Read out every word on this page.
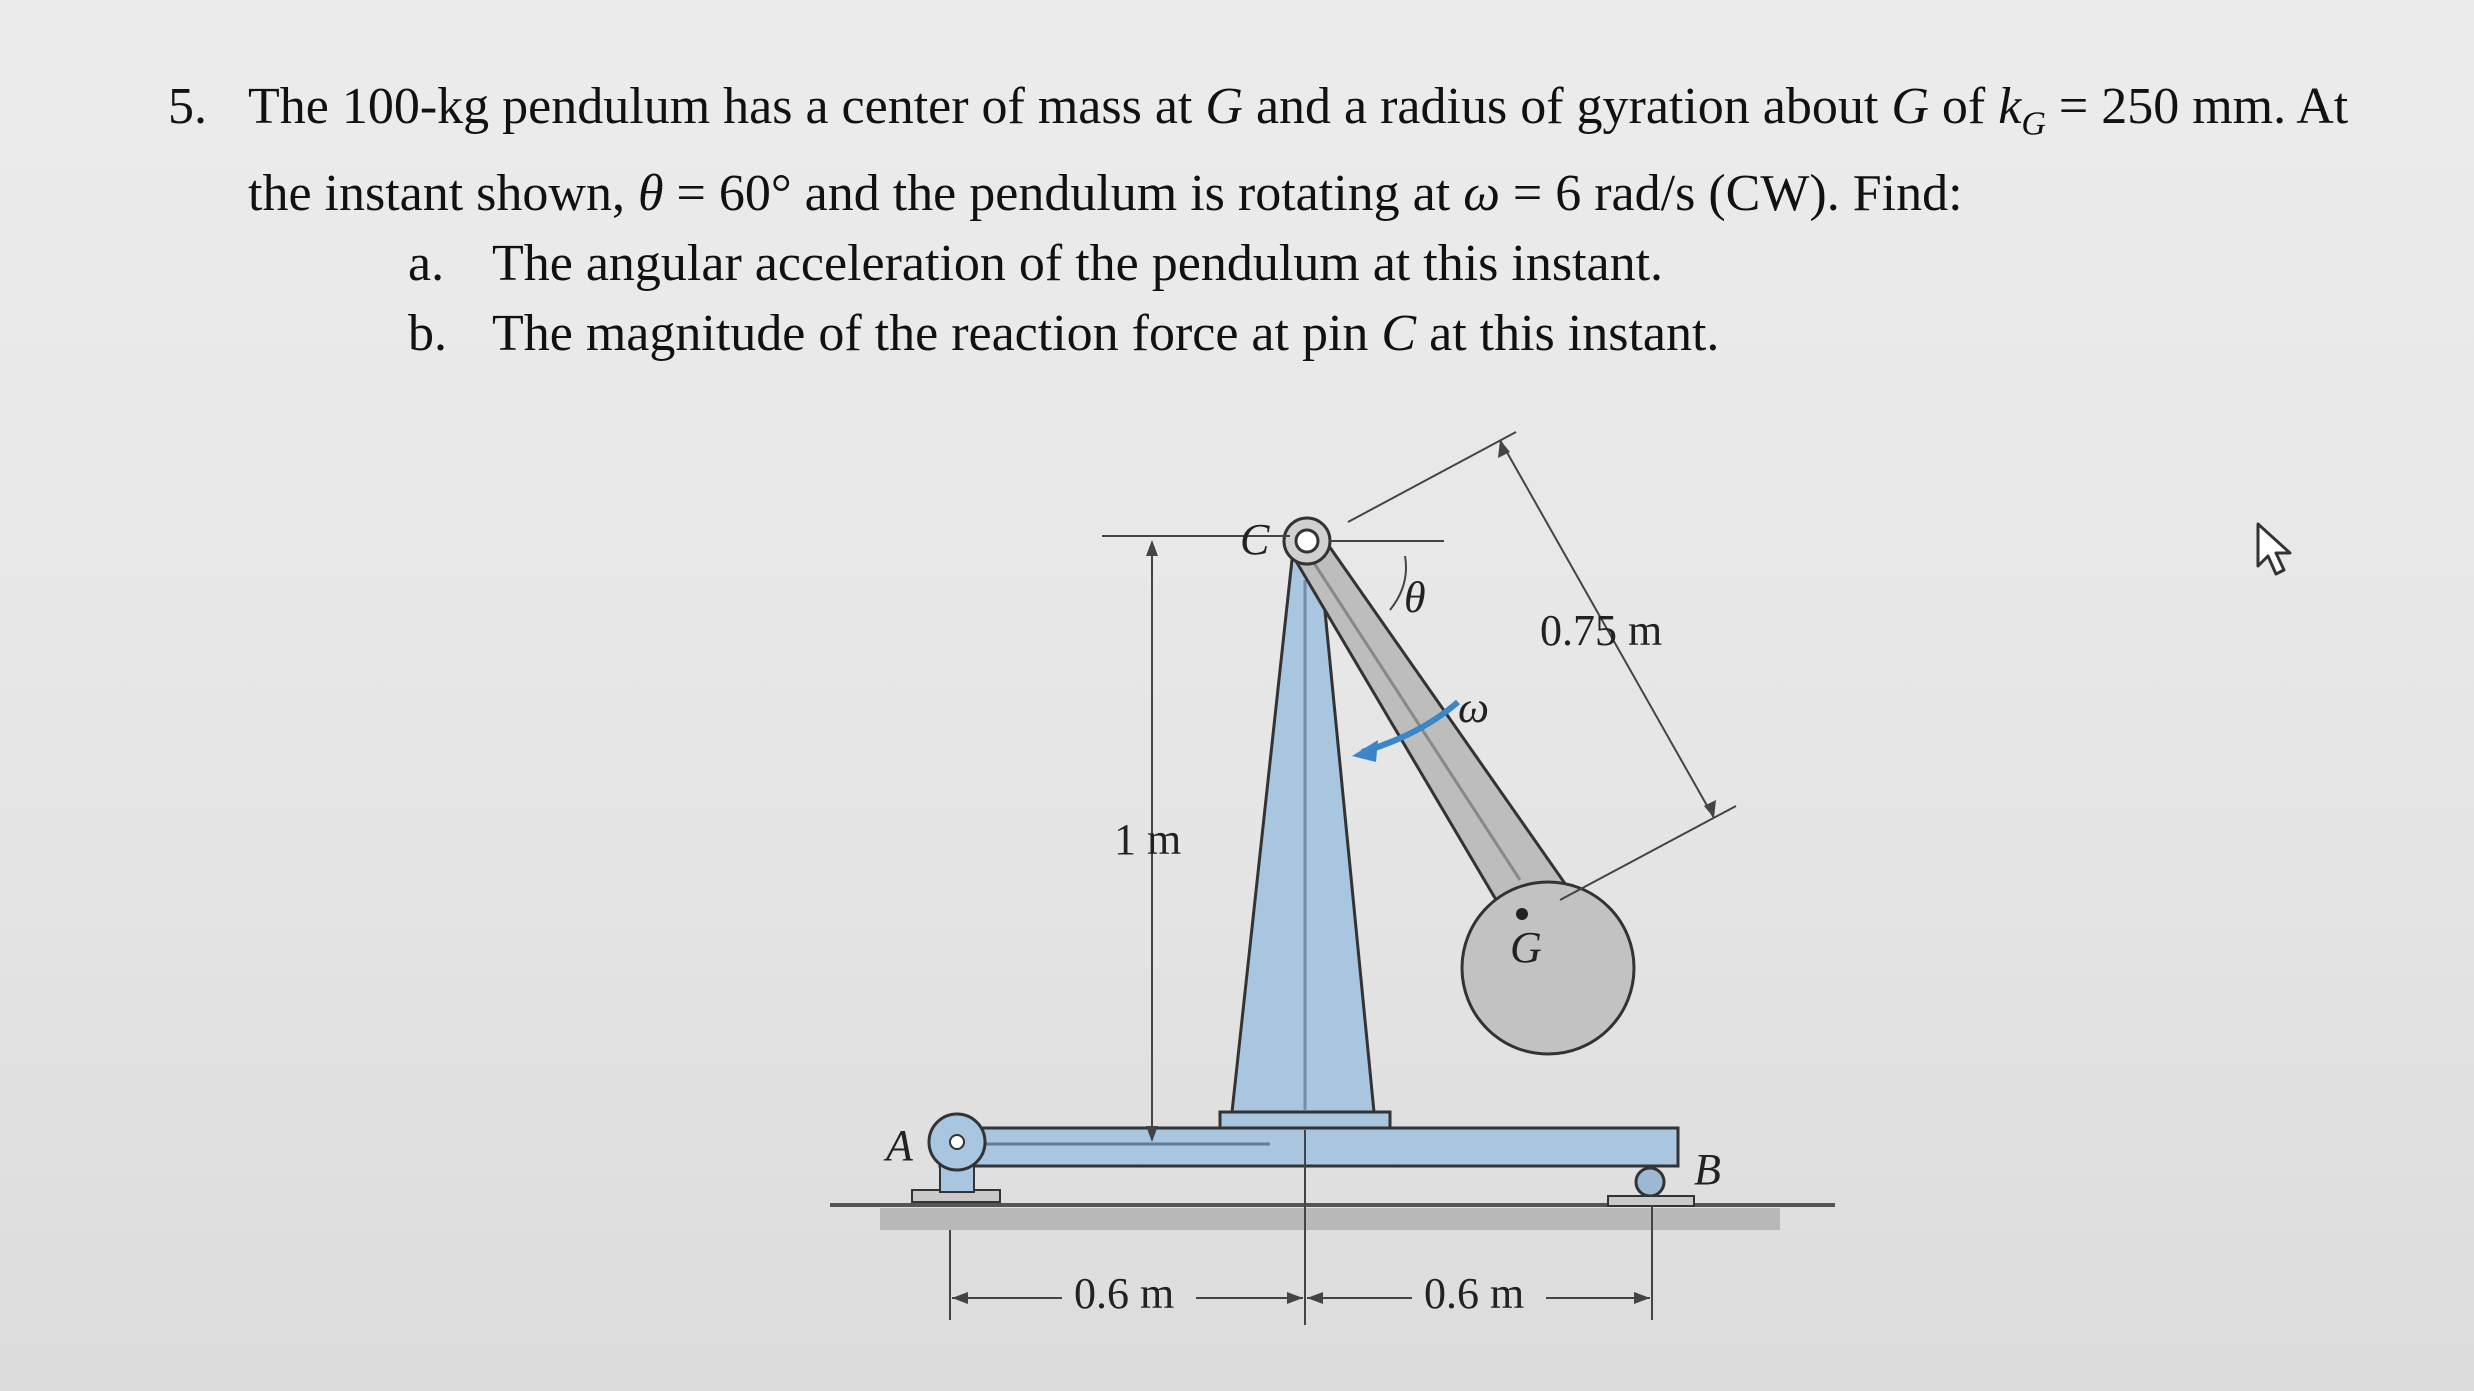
5. The 100-kg pendulum has a center of mass at G and a radius of gyration about G of $k_G = 250$ mm. At
the instant shown, θ = 60° and the pendulum is rotating at ω = 6 rad/s (CW). Find:
a. The angular acceleration of the pendulum at this instant.
b. The magnitude of the reaction force at pin C at this instant.
A	B
C
G
θ
ω
0.75 m
1 m
0.6 m	0.6 m
